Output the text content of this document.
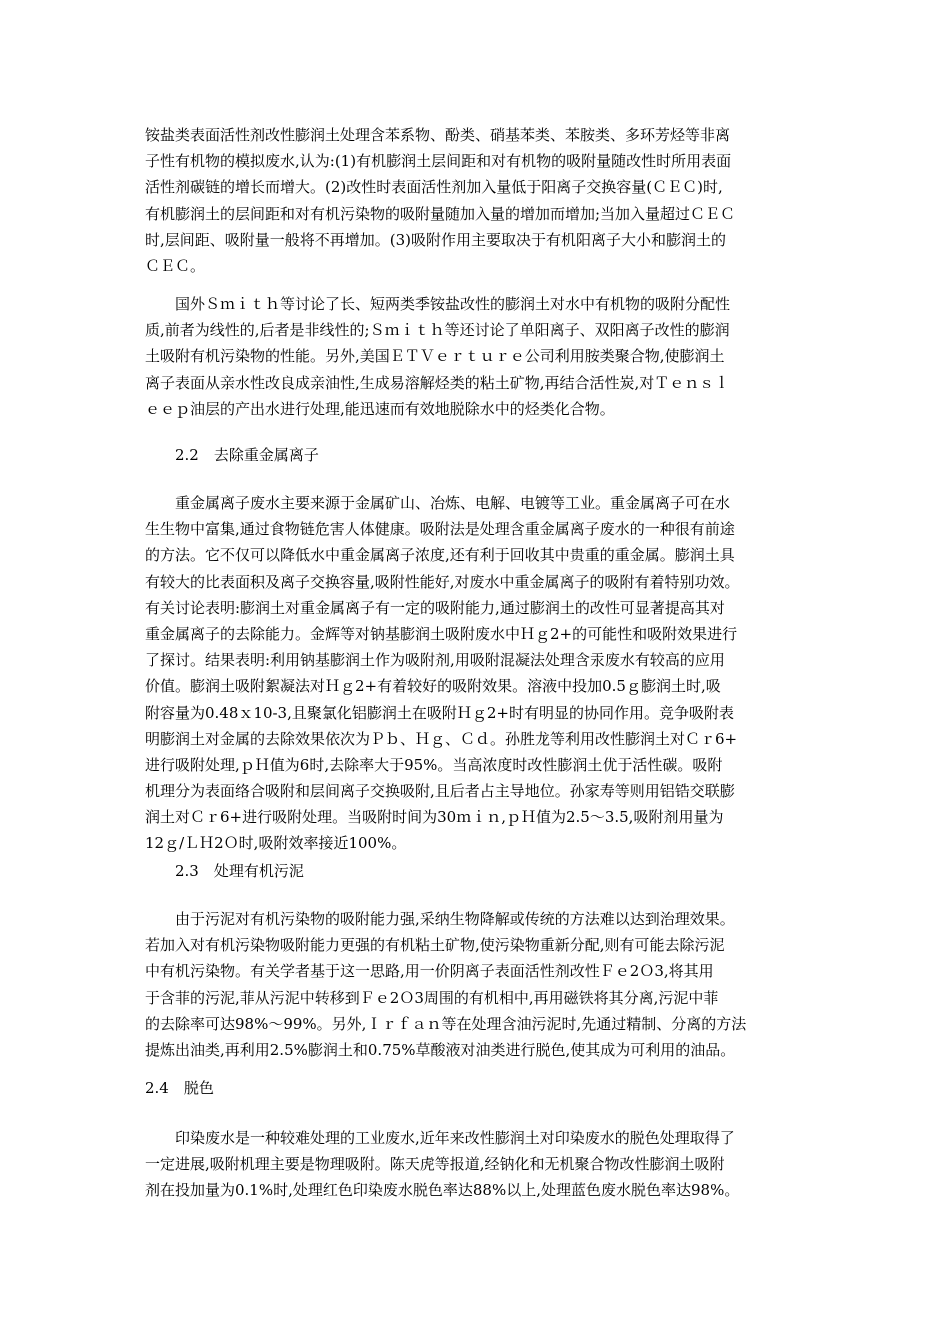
铵盐类表面活性剂改性膨润土处理含苯系物、酚类、硝基苯类、苯胺类、多环芳烃等非离
子性有机物的模拟废水,认为:(1)有机膨润土层间距和对有机物的吸附量随改性时所用表面
活性剂碳链的增长而增大。(2)改性时表面活性剂加入量低于阳离子交换容量(ＣＥＣ)时,
有机膨润土的层间距和对有机污染物的吸附量随加入量的增加而增加;当加入量超过ＣＥＣ
时,层间距、吸附量一般将不再增加。(3)吸附作用主要取决于有机阳离子大小和膨润土的
ＣＥＣ。
国外Ｓｍｉｔｈ等讨论了长、短两类季铵盐改性的膨润土对水中有机物的吸附分配性
质,前者为线性的,后者是非线性的;Ｓｍｉｔｈ等还讨论了单阳离子、双阳离子改性的膨润
土吸附有机污染物的性能。另外,美国ＥＴＶｅｒｔｕｒｅ公司利用胺类聚合物,使膨润土
离子表面从亲水性改良成亲油性,生成易溶解烃类的粘土矿物,再结合活性炭,对Ｔｅｎｓｌ
ｅｅｐ油层的产出水进行处理,能迅速而有效地脱除水中的烃类化合物。
2.2　去除重金属离子
重金属离子废水主要来源于金属矿山、冶炼、电解、电镀等工业。重金属离子可在水
生生物中富集,通过食物链危害人体健康。吸附法是处理含重金属离子废水的一种很有前途
的方法。它不仅可以降低水中重金属离子浓度,还有利于回收其中贵重的重金属。膨润土具
有较大的比表面积及离子交换容量,吸附性能好,对废水中重金属离子的吸附有着特别功效。
有关讨论表明:膨润土对重金属离子有一定的吸附能力,通过膨润土的改性可显著提高其对
重金属离子的去除能力。金辉等对钠基膨润土吸附废水中Ｈｇ2+的可能性和吸附效果进行
了探讨。结果表明:利用钠基膨润土作为吸附剂,用吸附混凝法处理含汞废水有较高的应用
价值。膨润土吸附絮凝法对Ｈｇ2+有着较好的吸附效果。溶液中投加0.5ｇ膨润土时,吸
附容量为0.48ｘ10-3,且聚氯化铝膨润土在吸附Ｈｇ2+时有明显的协同作用。竞争吸附表
明膨润土对金属的去除效果依次为Ｐｂ、Ｈｇ、Ｃｄ。孙胜龙等利用改性膨润土对Ｃｒ6+
进行吸附处理,ｐＨ值为6时,去除率大于95%。当高浓度时改性膨润土优于活性碳。吸附
机理分为表面络合吸附和层间离子交换吸附,且后者占主导地位。孙家寿等则用铝锆交联膨
润土对Ｃｒ6+进行吸附处理。当吸附时间为30ｍｉｎ,ｐＨ值为2.5～3.5,吸附剂用量为
12ｇ/ＬＨ2Ｏ时,吸附效率接近100%。
2.3　处理有机污泥
由于污泥对有机污染物的吸附能力强,采纳生物降解或传统的方法难以达到治理效果。
若加入对有机污染物吸附能力更强的有机粘土矿物,使污染物重新分配,则有可能去除污泥
中有机污染物。有关学者基于这一思路,用一价阴离子表面活性剂改性Ｆｅ2Ｏ3,将其用
于含菲的污泥,菲从污泥中转移到Ｆｅ2Ｏ3周围的有机相中,再用磁铁将其分离,污泥中菲
的去除率可达98%～99%。另外,Ｉｒｆａｎ等在处理含油污泥时,先通过精制、分离的方法
提炼出油类,再利用2.5%膨润土和0.75%草酸液对油类进行脱色,使其成为可利用的油品。
2.4　脱色
印染废水是一种较难处理的工业废水,近年来改性膨润土对印染废水的脱色处理取得了
一定进展,吸附机理主要是物理吸附。陈天虎等报道,经钠化和无机聚合物改性膨润土吸附
剂在投加量为0.1%时,处理红色印染废水脱色率达88%以上,处理蓝色废水脱色率达98%。
